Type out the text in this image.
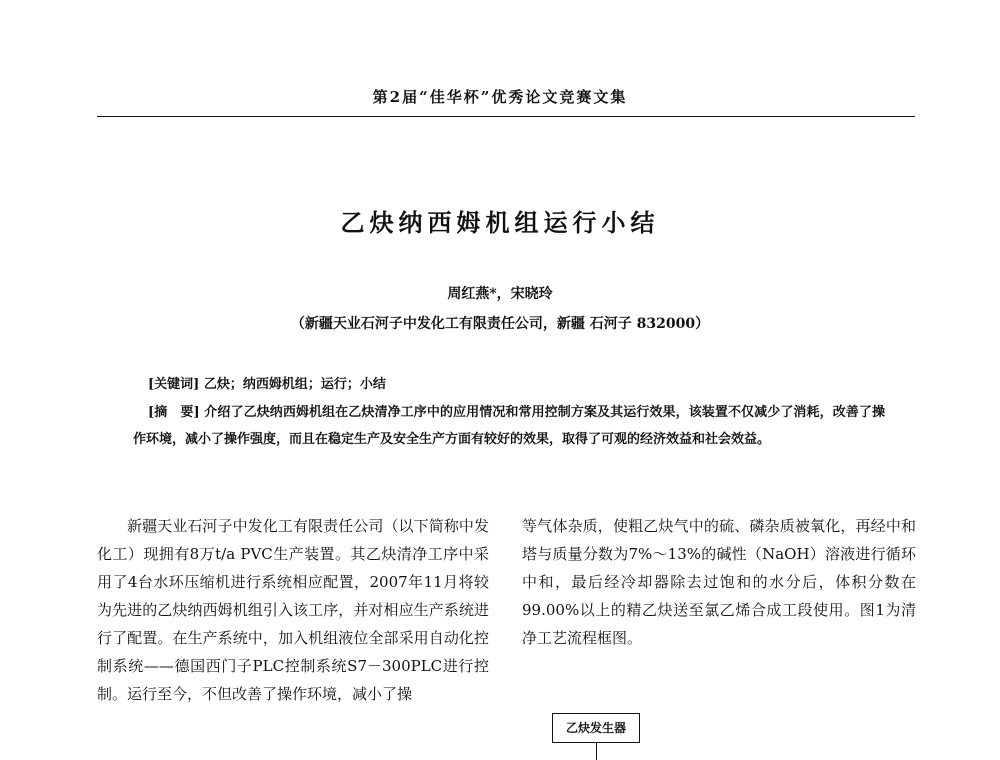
第2届“佳华杯”优秀论文竞赛文集
乙炔纳西姆机组运行小结
周红燕*，宋晓玲
（新疆天业石河子中发化工有限责任公司，新疆 石河子 832000）
[关键词] 乙炔；纳西姆机组；运行；小结
[摘　要] 介绍了乙炔纳西姆机组在乙炔清净工序中的应用情况和常用控制方案及其运行效果，该装置不仅减少了消耗，改善了操作环境，减小了操作强度，而且在稳定生产及安全生产方面有较好的效果，取得了可观的经济效益和社会效益。
新疆天业石河子中发化工有限责任公司（以下简称中发化工）现拥有8万t/a PVC生产装置。其乙炔清净工序中采用了4台水环压缩机进行系统相应配置，2007年11月将较为先进的乙炔纳西姆机组引入该工序，并对相应生产系统进行了配置。在生产系统中，加入机组液位全部采用自动化控制系统——德国西门子PLC控制系统S7－300PLC进行控制。运行至今，不但改善了操作环境，减小了操
等气体杂质，使粗乙炔气中的硫、磷杂质被氧化，再经中和塔与质量分数为7%～13%的碱性（NaOH）溶液进行循环中和，最后经冷却器除去过饱和的水分后，体积分数在99.00%以上的精乙炔送至氯乙烯合成工段使用。图1为清净工艺流程框图。
乙炔发生器
